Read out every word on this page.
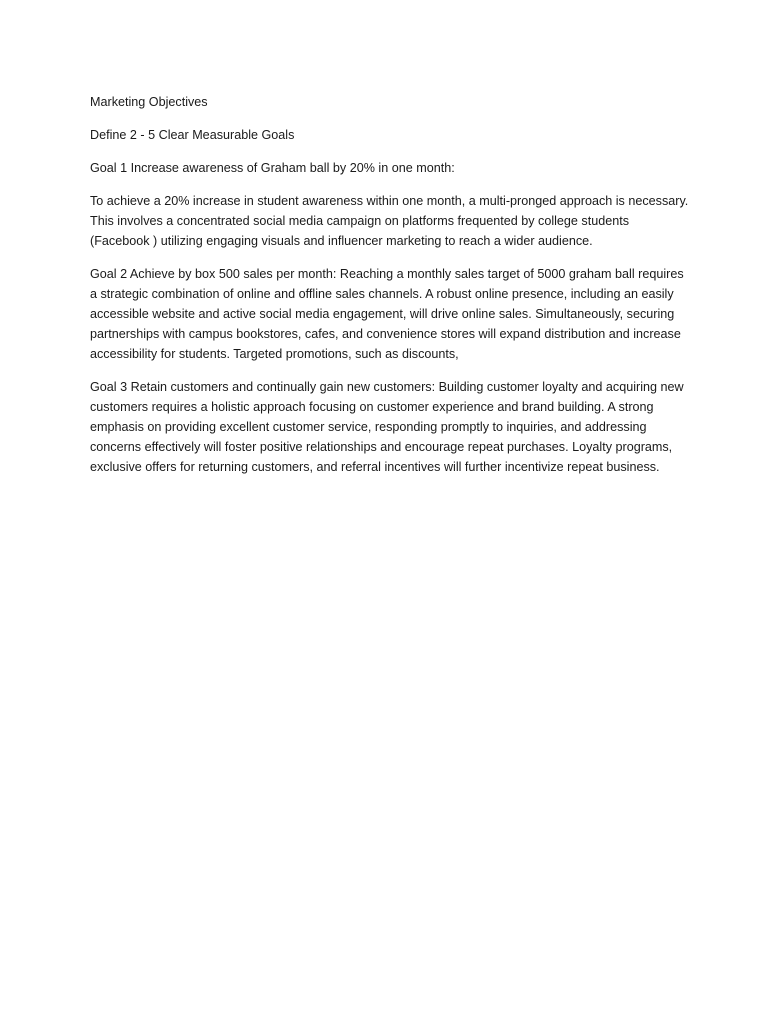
Marketing Objectives

Define 2 - 5 Clear Measurable Goals

Goal 1 Increase awareness of Graham ball by 20% in one month:

To achieve a 20% increase in student awareness within one month, a multi-pronged approach is necessary. This involves a concentrated social media campaign on platforms frequented by college students (Facebook ) utilizing engaging visuals and influencer marketing to reach a wider audience.

Goal 2 Achieve by box 500 sales per month: Reaching a monthly sales target of 5000 graham ball requires a strategic combination of online and offline sales channels. A robust online presence, including an easily accessible website and active social media engagement, will drive online sales. Simultaneously, securing partnerships with campus bookstores, cafes, and convenience stores will expand distribution and increase accessibility for students. Targeted promotions, such as discounts,

Goal 3 Retain customers and continually gain new customers: Building customer loyalty and acquiring new customers requires a holistic approach focusing on customer experience and brand building. A strong emphasis on providing excellent customer service, responding promptly to inquiries, and addressing concerns effectively will foster positive relationships and encourage repeat purchases. Loyalty programs, exclusive offers for returning customers, and referral incentives will further incentivize repeat business.
